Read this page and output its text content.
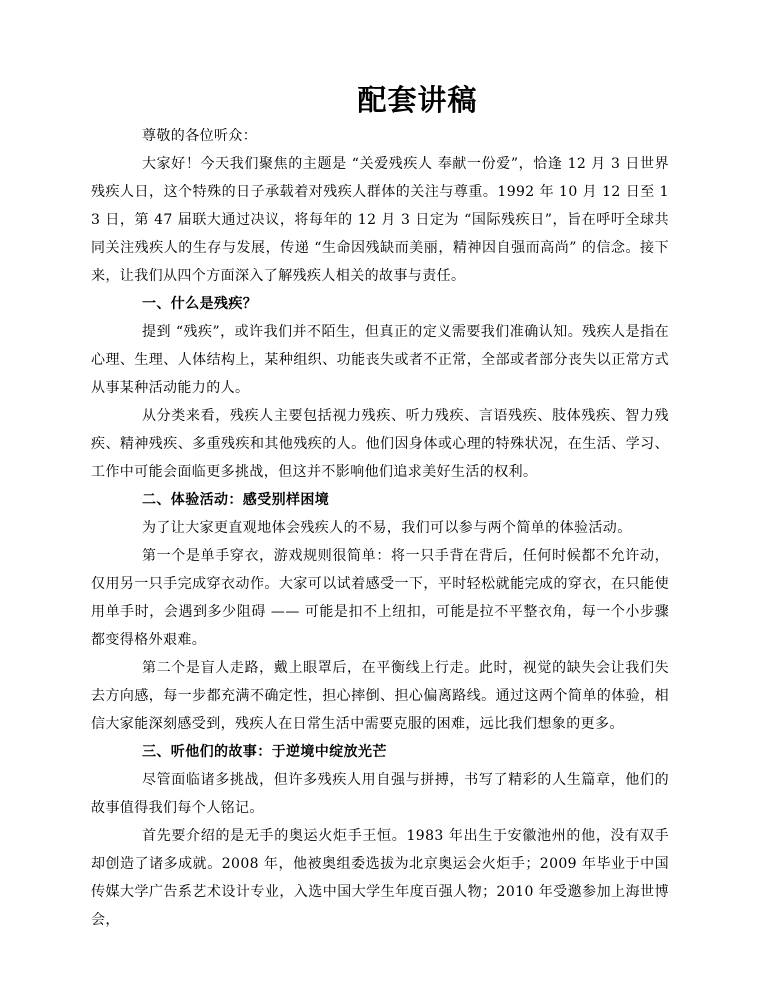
配套讲稿

尊敬的各位听众：

大家好！今天我们聚焦的主题是 “关爱残疾人 奉献一份爱”，恰逢 12 月 3 日世界残疾人日，这个特殊的日子承载着对残疾人群体的关注与尊重。1992 年 10 月 12 日至 13 日，第 47 届联大通过决议，将每年的 12 月 3 日定为 “国际残疾日”，旨在呼吁全球共同关注残疾人的生存与发展，传递 “生命因残缺而美丽，精神因自强而高尚” 的信念。接下来，让我们从四个方面深入了解残疾人相关的故事与责任。

一、什么是残疾？

提到 “残疾”，或许我们并不陌生，但真正的定义需要我们准确认知。残疾人是指在心理、生理、人体结构上，某种组织、功能丧失或者不正常，全部或者部分丧失以正常方式从事某种活动能力的人。

从分类来看，残疾人主要包括视力残疾、听力残疾、言语残疾、肢体残疾、智力残疾、精神残疾、多重残疾和其他残疾的人。他们因身体或心理的特殊状况，在生活、学习、工作中可能会面临更多挑战，但这并不影响他们追求美好生活的权利。

二、体验活动：感受别样困境

为了让大家更直观地体会残疾人的不易，我们可以参与两个简单的体验活动。

第一个是单手穿衣，游戏规则很简单：将一只手背在背后，任何时候都不允许动，仅用另一只手完成穿衣动作。大家可以试着感受一下，平时轻松就能完成的穿衣，在只能使用单手时，会遇到多少阻碍 —— 可能是扣不上纽扣，可能是拉不平整衣角，每一个小步骤都变得格外艰难。

第二个是盲人走路，戴上眼罩后，在平衡线上行走。此时，视觉的缺失会让我们失去方向感，每一步都充满不确定性，担心摔倒、担心偏离路线。通过这两个简单的体验，相信大家能深刻感受到，残疾人在日常生活中需要克服的困难，远比我们想象的更多。

三、听他们的故事：于逆境中绽放光芒

尽管面临诸多挑战，但许多残疾人用自强与拼搏，书写了精彩的人生篇章，他们的故事值得我们每个人铭记。

首先要介绍的是无手的奥运火炬手王恒。1983 年出生于安徽池州的他，没有双手却创造了诸多成就。2008 年，他被奥组委选拔为北京奥运会火炬手；2009 年毕业于中国传媒大学广告系艺术设计专业，入选中国大学生年度百强人物；2010 年受邀参加上海世博会，
